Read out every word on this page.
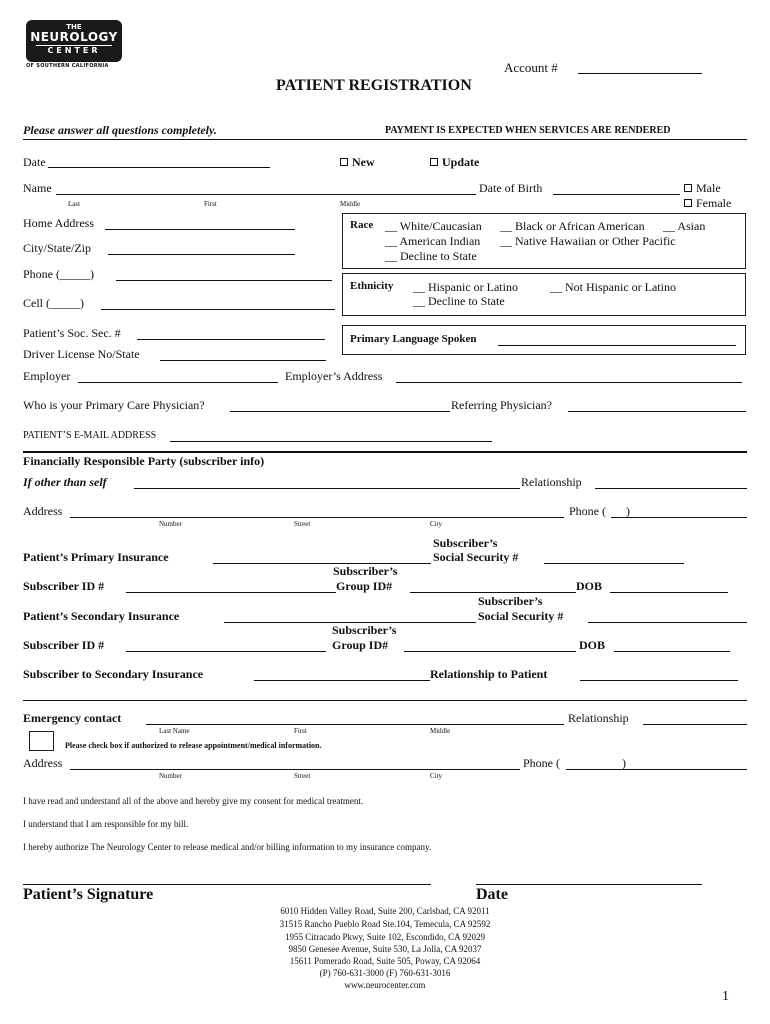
THE
NEUROLOGY
CENTER
OF SOUTHERN CALIFORNIA	Account #
PATIENT REGISTRATION
Please answer all questions completely.	PAYMENT IS EXPECTED WHEN SERVICES ARE RENDERED
Date	New	Update
Name
Last	First	Middle
Date of Birth	Male
Female
Home Address
City/State/Zip
Phone (_____)
Cell (_____)
Race __ White/Caucasian __ Black or African American __ Asian
__ American Indian __ Native Hawaiian or Other Pacific
__ Decline to State
Ethnicity __ Hispanic or Latino	__ Not Hispanic or Latino
__ Decline to State
Patient’s Soc. Sec. #
Driver License No/State
Primary Language Spoken
Employer	Employer’s Address
Who is your Primary Care Physician?	Referring Physician?
PATIENT’S E-MAIL ADDRESS
Financially Responsible Party (subscriber info)
If other than self	Relationship
Address
Number	Street	City
Phone ( )
Subscriber’s
Patient’s Primary Insurance	Social Security #
Subscriber’s
Subscriber ID #	Group ID#	DOB
Subscriber’s
Patient’s Secondary Insurance	Social Security #
Subscriber’s
Subscriber ID #	Group ID#	DOB
Subscriber to Secondary Insurance	Relationship to Patient
Emergency contact
Last Name	First	Middle
Relationship
Please check box if authorized to release appointment/medical information.
Address
Number	Street	City
Phone (	)
I have read and understand all of the above and hereby give my consent for medical treatment.
I understand that I am responsible for my bill.
I hereby authorize The Neurology Center to release medical and/or billing information to my insurance company.
Patient’s Signature	Date
6010 Hidden Valley Road, Suite 200, Carlsbad, CA 92011
31515 Rancho Pueblo Road Ste.104, Temecula, CA 92592
1955 Citracado Pkwy, Suite 102, Escondido, CA 92029
9850 Genesee Avenue, Suite 530, La Jolla, CA 92037
15611 Pomerado Road, Suite 505, Poway, CA 92064
(P) 760-631-3000 (F) 760-631-3016
www.neurocenter.com
1
